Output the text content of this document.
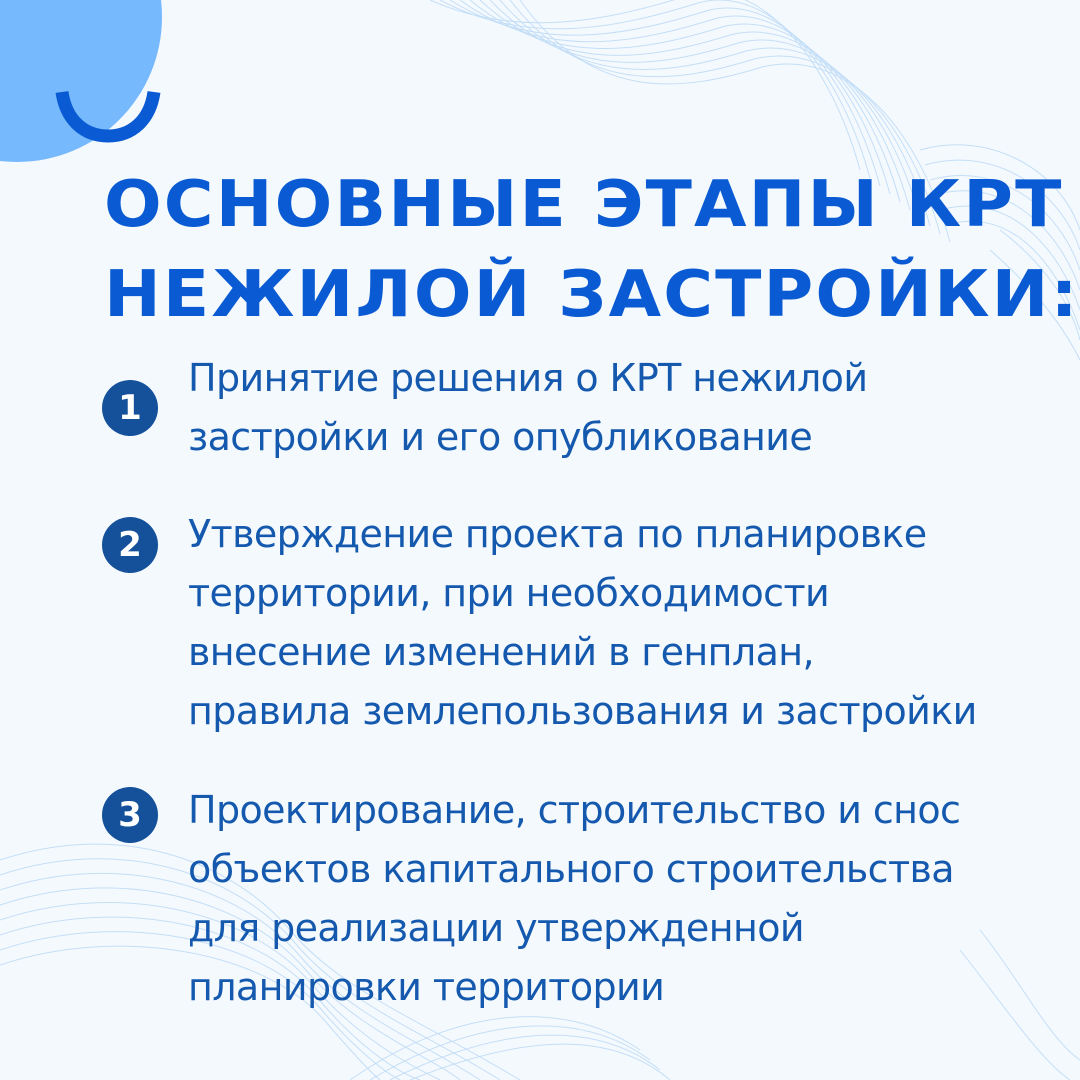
ОСНОВНЫЕ ЭТАПЫ КРТ
НЕЖИЛОЙ ЗАСТРОЙКИ:
1

Принятие решения о КРТ нежилой
застройки и его опубликование

2	Утверждение проекта по планировке
территории, при необходимости
внесение изменений в генплан,
правила землепользования и застройки

3	Проектирование, строительство и снос
объектов капитального строительства
для реализации утвержденной
планировки территории
